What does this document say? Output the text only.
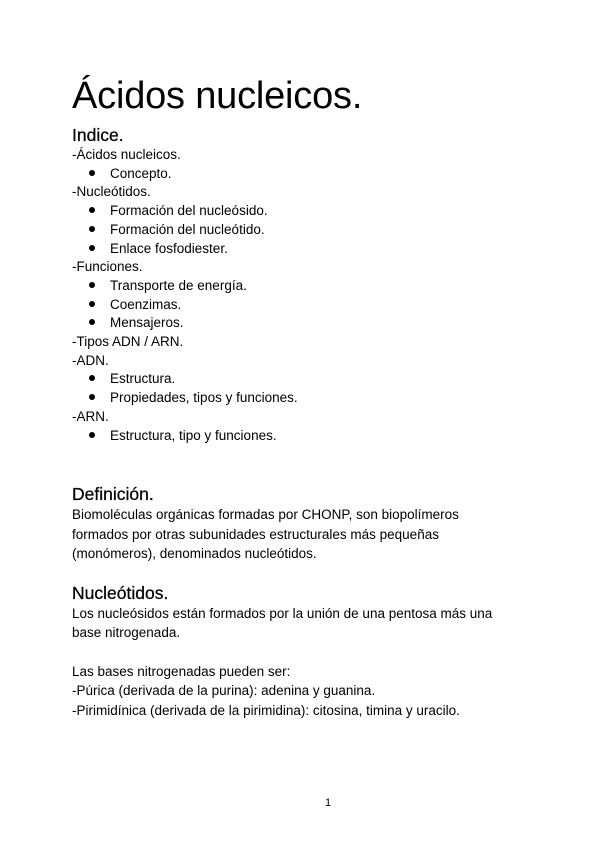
Ácidos nucleicos.
Indice.

-Ácidos nucleicos.

Concepto.

-Nucleótidos.

Formación del nucleósido.

Formación del nucleótido.

Enlace fosfodiester.

-Funciones.

Transporte de energía.

Coenzimas.

Mensajeros.

-Tipos ADN / ARN.

-ADN.

Estructura.

Propiedades, tipos y funciones.

-ARN.

Estructura, tipo y funciones.

Definición.

Biomoléculas orgánicas formadas por CHONP, son biopolímeros

formados por otras subunidades estructurales más pequeñas

(monómeros), denominados nucleótidos.

Nucleótidos.

Los nucleósidos están formados por la unión de una pentosa más una

base nitrogenada.

Las bases nitrogenadas pueden ser:

-Púrica (derivada de la purina): adenina y guanina.

-Pirimidínica (derivada de la pirimidina): citosina, timina y uracilo.

1
